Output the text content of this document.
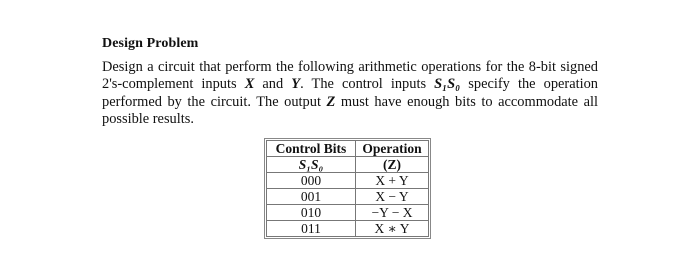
Design Problem
Design a circuit that perform the following arithmetic operations for the 8-bit signed
2's-complement inputs X and Y. The control inputs S₁S₀ specify the operation
performed by the circuit. The output Z must have enough bits to accommodate all
possible results.
Control Bits	Operation
S₁S₀	(Z)
000	X + Y
001	X − Y
010	−Y − X
011	X ∗ Y
